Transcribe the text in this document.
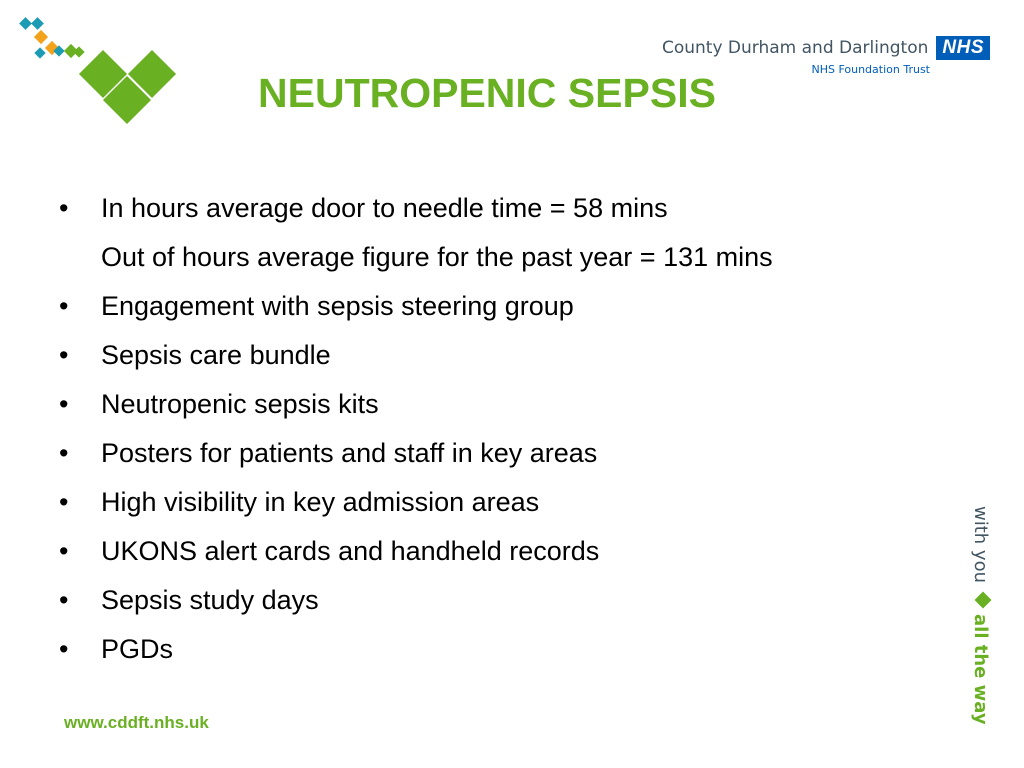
County Durham and Darlington NHS
NHS Foundation Trust
NEUTROPENIC SEPSIS
• In hours average door to needle time = 58 mins
Out of hours average figure for the past year = 131 mins
• Engagement with sepsis steering group
• Sepsis care bundle
• Neutropenic sepsis kits
• Posters for patients and staff in key areas
• High visibility in key admission areas
• UKONS alert cards and handheld records
• Sepsis study days
• PGDs
www.cddft.nhs.uk
with you
all the way
